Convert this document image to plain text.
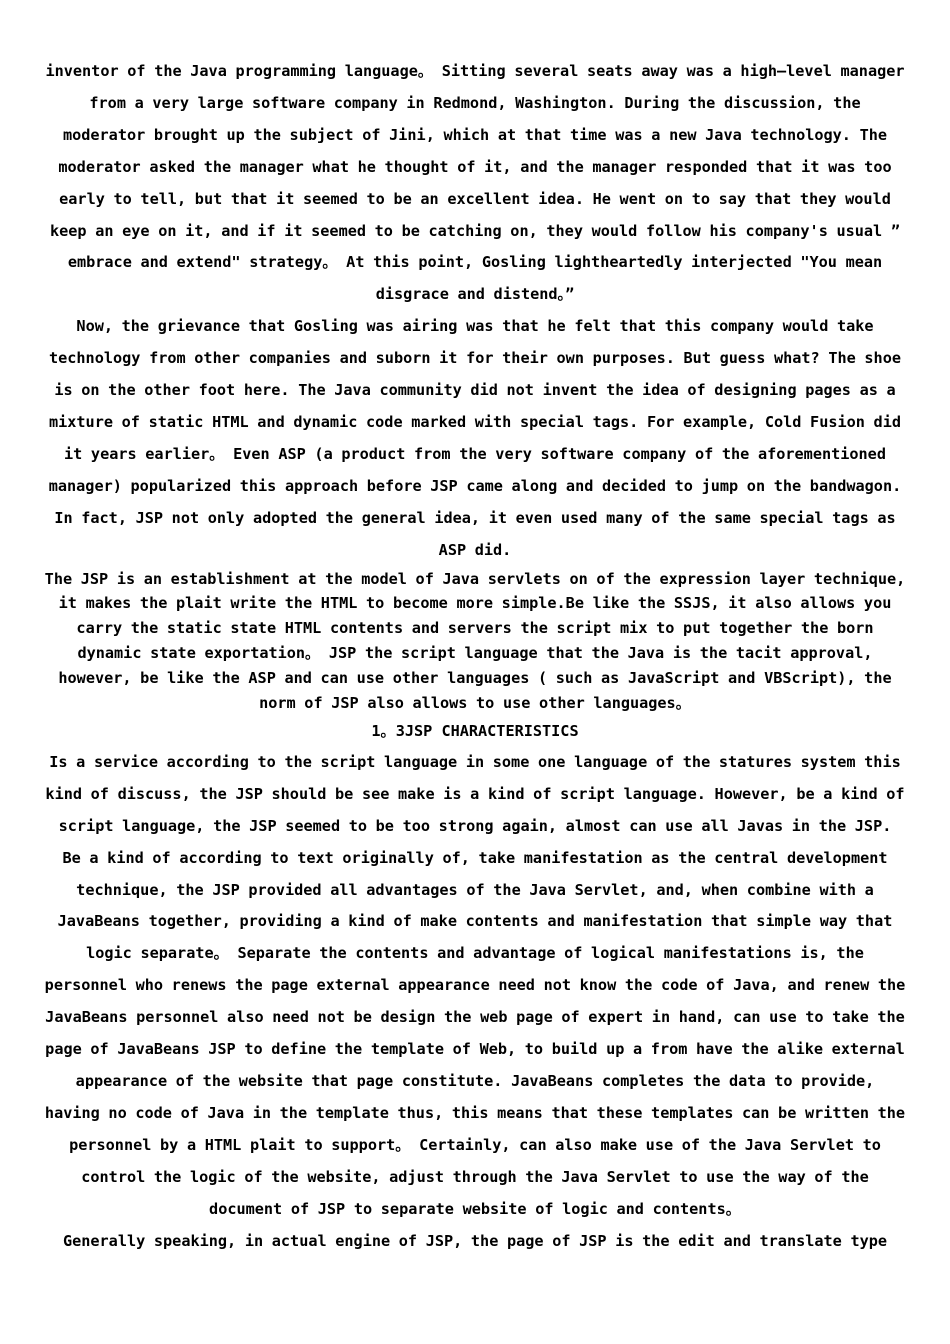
inventor of the Java programming language。 Sitting several seats away was a high—level manager from a very large software company in Redmond, Washington. During the discussion, the moderator brought up the subject of Jini, which at that time was a new Java technology. The moderator asked the manager what he thought of it, and the manager responded that it was too early to tell, but that it seemed to be an excellent idea. He went on to say that they would keep an eye on it, and if it seemed to be catching on, they would follow his company's usual ” embrace and extend" strategy。 At this point, Gosling lightheartedly interjected "You mean disgrace and distend。”

Now, the grievance that Gosling was airing was that he felt that this company would take technology from other companies and suborn it for their own purposes. But guess what? The shoe is on the other foot here. The Java community did not invent the idea of designing pages as a mixture of static HTML and dynamic code marked with special tags. For example, Cold Fusion did it years earlier。 Even ASP (a product from the very software company of the aforementioned manager) popularized this approach before JSP came along and decided to jump on the bandwagon. In fact, JSP not only adopted the general idea, it even used many of the same special tags as ASP did.

The JSP is an establishment at the model of Java servlets on of the expression layer technique, it makes the plait write the HTML to become more simple.Be like the SSJS, it also allows you carry the static state HTML contents and servers the script mix to put together the born dynamic state exportation。 JSP the script language that the Java is the tacit approval, however, be like the ASP and can use other languages ( such as JavaScript and VBScript), the norm of JSP also allows to use other languages。

1。3JSP CHARACTERISTICS

Is a service according to the script language in some one language of the statures system this kind of discuss, the JSP should be see make is a kind of script language. However, be a kind of script language, the JSP seemed to be too strong again, almost can use all Javas in the JSP.

Be a kind of according to text originally of, take manifestation as the central development technique, the JSP provided all advantages of the Java Servlet, and, when combine with a JavaBeans together, providing a kind of make contents and manifestation that simple way that logic separate。 Separate the contents and advantage of logical manifestations is, the personnel who renews the page external appearance need not know the code of Java, and renew the JavaBeans personnel also need not be design the web page of expert in hand, can use to take the page of JavaBeans JSP to define the template of Web, to build up a from have the alike external appearance of the website that page constitute. JavaBeans completes the data to provide, having no code of Java in the template thus, this means that these templates can be written the personnel by a HTML plait to support。 Certainly, can also make use of the Java Servlet to control the logic of the website, adjust through the Java Servlet to use the way of the document of JSP to separate website of logic and contents。

Generally speaking, in actual engine of JSP, the page of JSP is the edit and translate type
